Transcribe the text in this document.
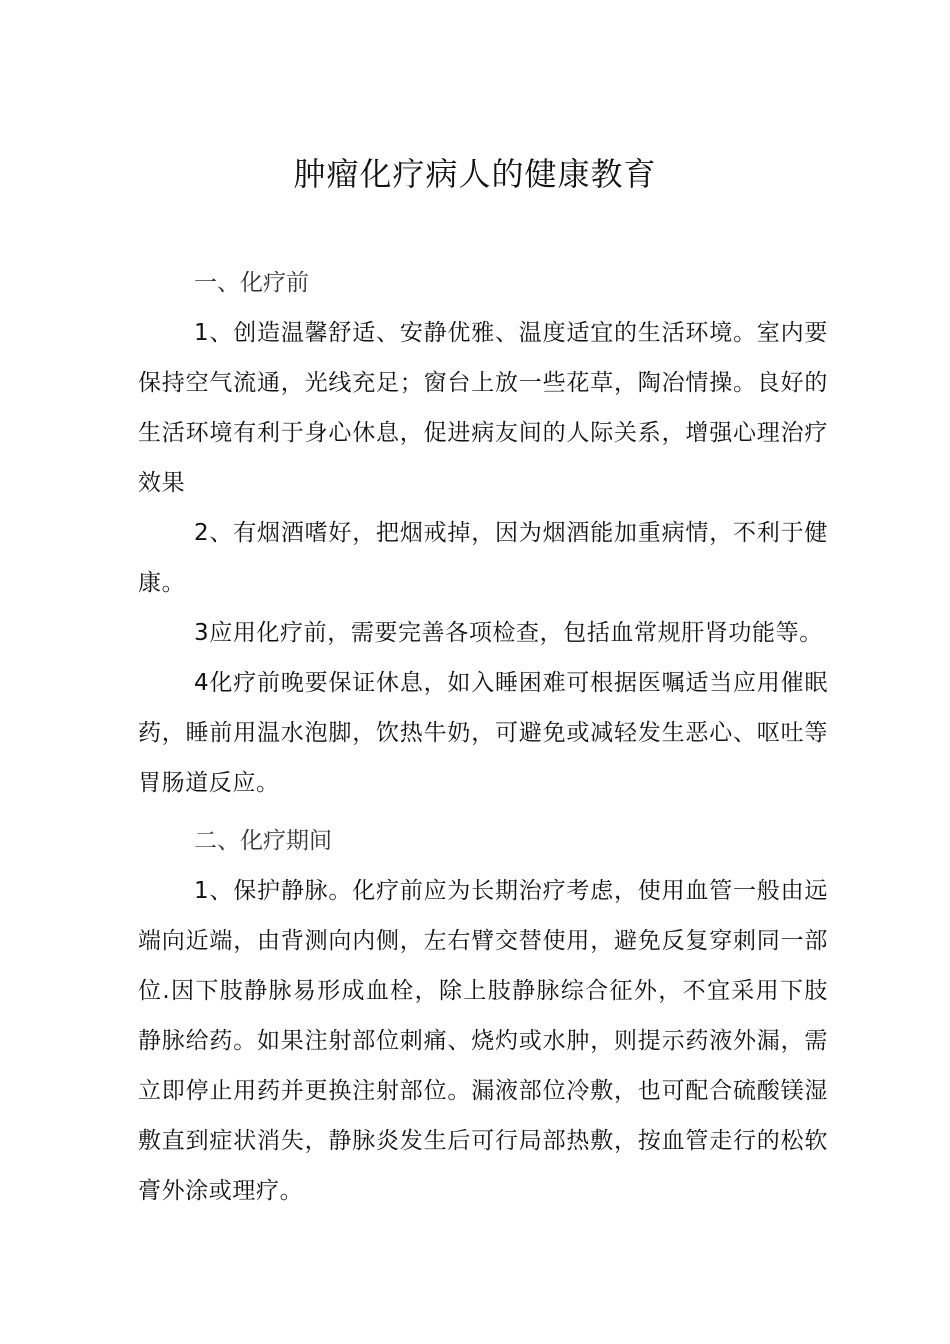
肿瘤化疗病人的健康教育

一、化疗前

1、创造温馨舒适、安静优雅、温度适宜的生活环境。室内要保持空气流通，光线充足；窗台上放一些花草，陶冶情操。良好的生活环境有利于身心休息，促进病友间的人际关系，增强心理治疗效果

2、有烟酒嗜好，把烟戒掉，因为烟酒能加重病情，不利于健康。

3应用化疗前，需要完善各项检查，包括血常规肝肾功能等。

4化疗前晚要保证休息，如入睡困难可根据医嘱适当应用催眠药，睡前用温水泡脚，饮热牛奶，可避免或减轻发生恶心、呕吐等胃肠道反应。

二、化疗期间

1、保护静脉。化疗前应为长期治疗考虑，使用血管一般由远端向近端，由背测向内侧，左右臂交替使用，避免反复穿刺同一部位.因下肢静脉易形成血栓，除上肢静脉综合征外，不宜采用下肢静脉给药。如果注射部位刺痛、烧灼或水肿，则提示药液外漏，需立即停止用药并更换注射部位。漏液部位冷敷，也可配合硫酸镁湿敷直到症状消失，静脉炎发生后可行局部热敷，按血管走行的松软膏外涂或理疗。
